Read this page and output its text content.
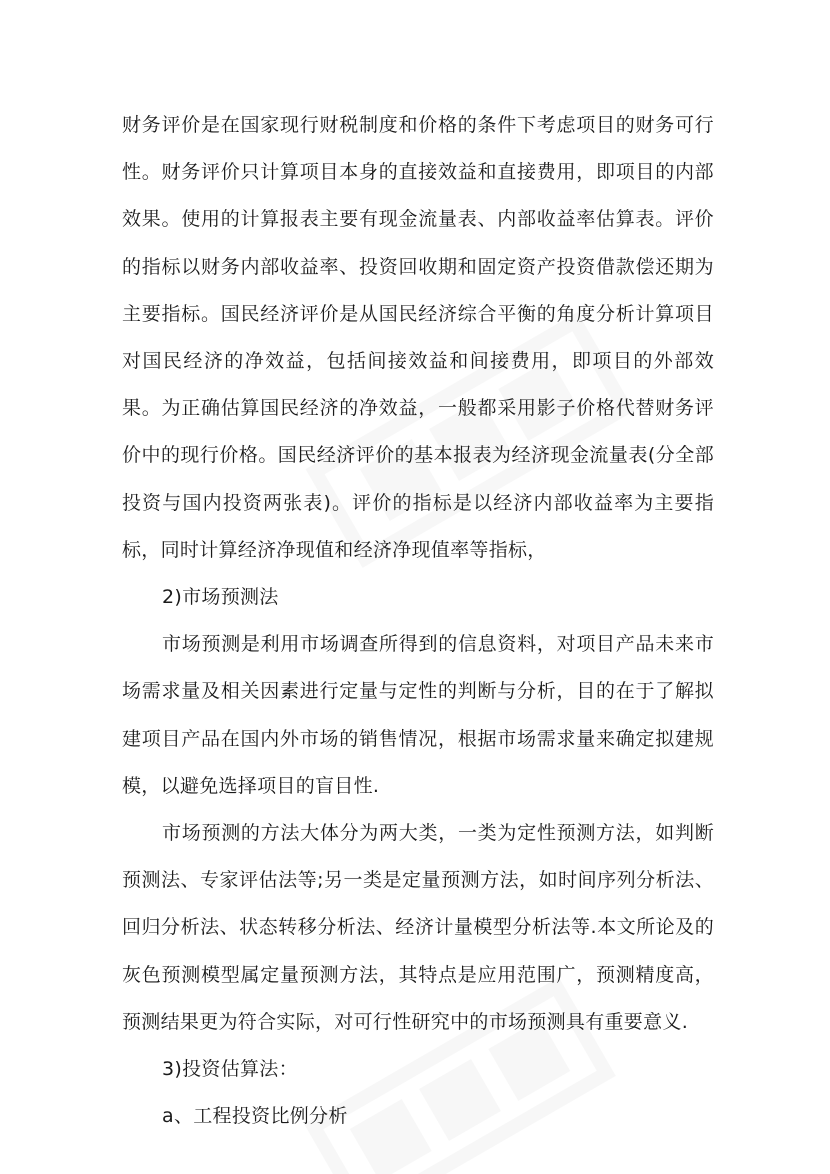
财务评价是在国家现行财税制度和价格的条件下考虑项目的财务可行性。财务评价只计算项目本身的直接效益和直接费用，即项目的内部效果。使用的计算报表主要有现金流量表、内部收益率估算表。评价的指标以财务内部收益率、投资回收期和固定资产投资借款偿还期为主要指标。国民经济评价是从国民经济综合平衡的角度分析计算项目对国民经济的净效益，包括间接效益和间接费用，即项目的外部效果。为正确估算国民经济的净效益，一般都采用影子价格代替财务评价中的现行价格。国民经济评价的基本报表为经济现金流量表(分全部投资与国内投资两张表)。评价的指标是以经济内部收益率为主要指标，同时计算经济净现值和经济净现值率等指标，

2)市场预测法

市场预测是利用市场调查所得到的信息资料，对项目产品未来市场需求量及相关因素进行定量与定性的判断与分析，目的在于了解拟建项目产品在国内外市场的销售情况，根据市场需求量来确定拟建规模，以避免选择项目的盲目性.

市场预测的方法大体分为两大类，一类为定性预测方法，如判断预测法、专家评估法等;另一类是定量预测方法，如时间序列分析法、回归分析法、状态转移分析法、经济计量模型分析法等.本文所论及的灰色预测模型属定量预测方法，其特点是应用范围广，预测精度高，预测结果更为符合实际，对可行性研究中的市场预测具有重要意义.

3)投资估算法：

a、工程投资比例分析
